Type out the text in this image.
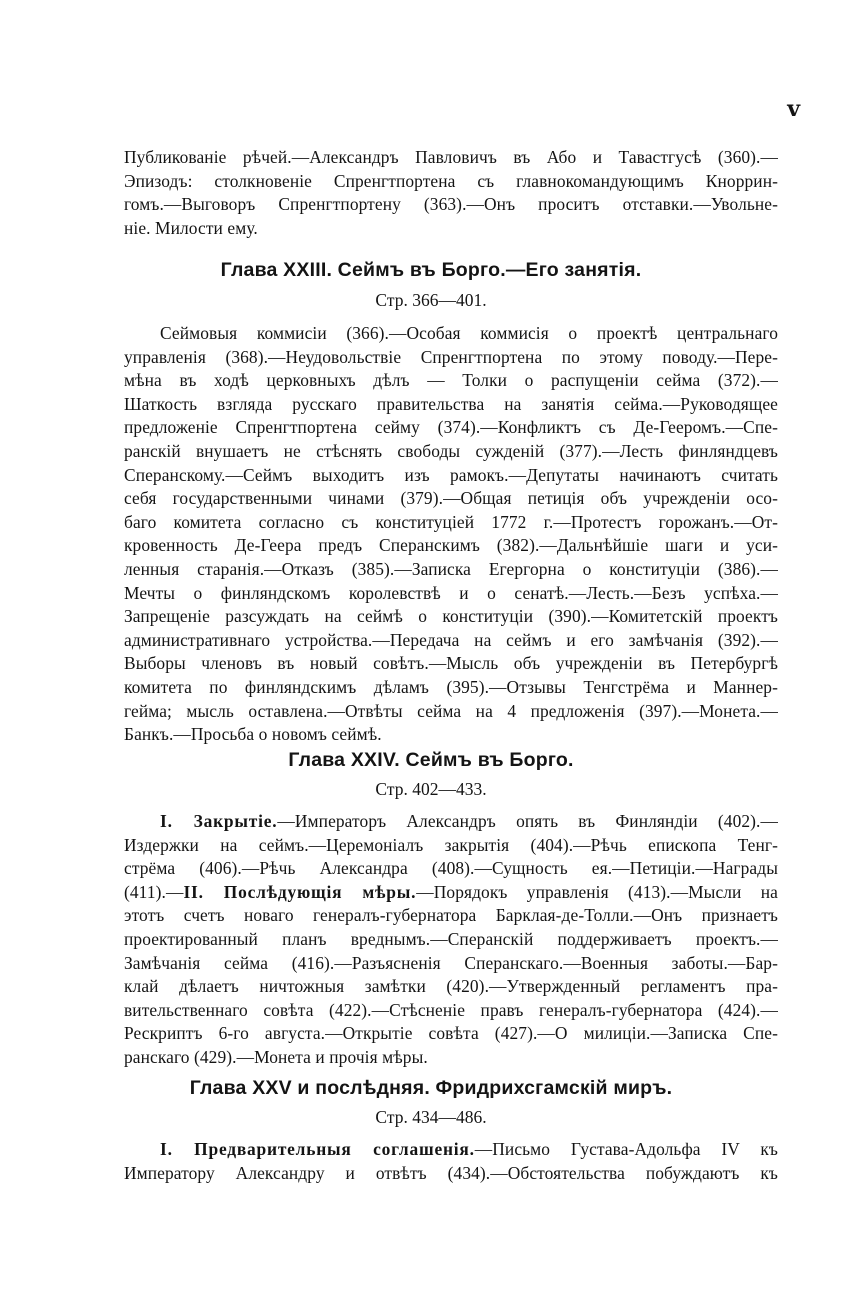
v
Публикованіе рѣчей.—Александръ Павловичъ въ Або и Тавастгусѣ (360).—
Эпизодъ: столкновеніе Спренгтпортена съ главнокомандующимъ Кноррин-
гомъ.—Выговоръ Спренгтпортену (363).—Онъ проситъ отставки.—Увольне-
ніе. Милости ему.
Глава XXIII. Сеймъ въ Борго.—Его занятія.
Стр. 366—401.
Сеймовыя коммисіи (366).—Особая коммисія о проектѣ центральнаго
управленія (368).—Неудовольствіе Спренгтпортена по этому поводу.—Пере-
мѣна въ ходѣ церковныхъ дѣлъ — Толки о распущеніи сейма (372).—
Шаткость взгляда русскаго правительства на занятія сейма.—Руководящее
предложеніе Спренгтпортена сейму (374).—Конфликтъ съ Де-Гееромъ.—Спе-
ранскій внушаетъ не стѣснять свободы сужденій (377).—Лесть финляндцевъ
Сперанскому.—Сеймъ выходитъ изъ рамокъ.—Депутаты начинаютъ считать
себя государственными чинами (379).—Общая петиція объ учрежденіи осо-
баго комитета согласно съ конституціей 1772 г.—Протестъ горожанъ.—От-
кровенность Де-Геера предъ Сперанскимъ (382).—Дальнѣйшіе шаги и уси-
ленныя старанія.—Отказъ (385).—Записка Егергорна о конституціи (386).—
Мечты о финляндскомъ королевствѣ и о сенатѣ.—Лесть.—Безъ успѣха.—
Запрещеніе разсуждать на сеймѣ о конституціи (390).—Комитетскій проектъ
административнаго устройства.—Передача на сеймъ и его замѣчанія (392).—
Выборы членовъ въ новый совѣтъ.—Мысль объ учрежденіи въ Петербургѣ
комитета по финляндскимъ дѣламъ (395).—Отзывы Тенгстрёма и Маннер-
гейма; мысль оставлена.—Отвѣты сейма на 4 предложенія (397).—Монета.—
Банкъ.—Просьба о новомъ сеймѣ.
Глава XXIV. Сеймъ въ Борго.
Стр. 402—433.
I. Закрытіе.—Императоръ Александръ опять въ Финляндіи (402).—
Издержки на сеймъ.—Церемоніалъ закрытія (404).—Рѣчь епископа Тенг-
стрёма (406).—Рѣчь Александра (408).—Сущность ея.—Петиціи.—Награды
(411).—II. Послѣдующія мѣры.—Порядокъ управленія (413).—Мысли на
этотъ счетъ новаго генералъ-губернатора Барклая-де-Толли.—Онъ признаетъ
проектированный планъ вреднымъ.—Сперанскій поддерживаетъ проектъ.—
Замѣчанія сейма (416).—Разъясненія Сперанскаго.—Военныя заботы.—Бар-
клай дѣлаетъ ничтожныя замѣтки (420).—Утвержденный регламентъ пра-
вительственнаго совѣта (422).—Стѣсненіе правъ генералъ-губернатора (424).—
Рескриптъ 6-го августа.—Открытіе совѣта (427).—О милиціи.—Записка Спе-
ранскаго (429).—Монета и прочія мѣры.
Глава XXV и послѣдняя. Фридрихсгамскій миръ.
Стр. 434—486.
I. Предварительныя соглашенія.—Письмо Густава-Адольфа IV къ
Императору Александру и отвѣтъ (434).—Обстоятельства побуждаютъ къ
